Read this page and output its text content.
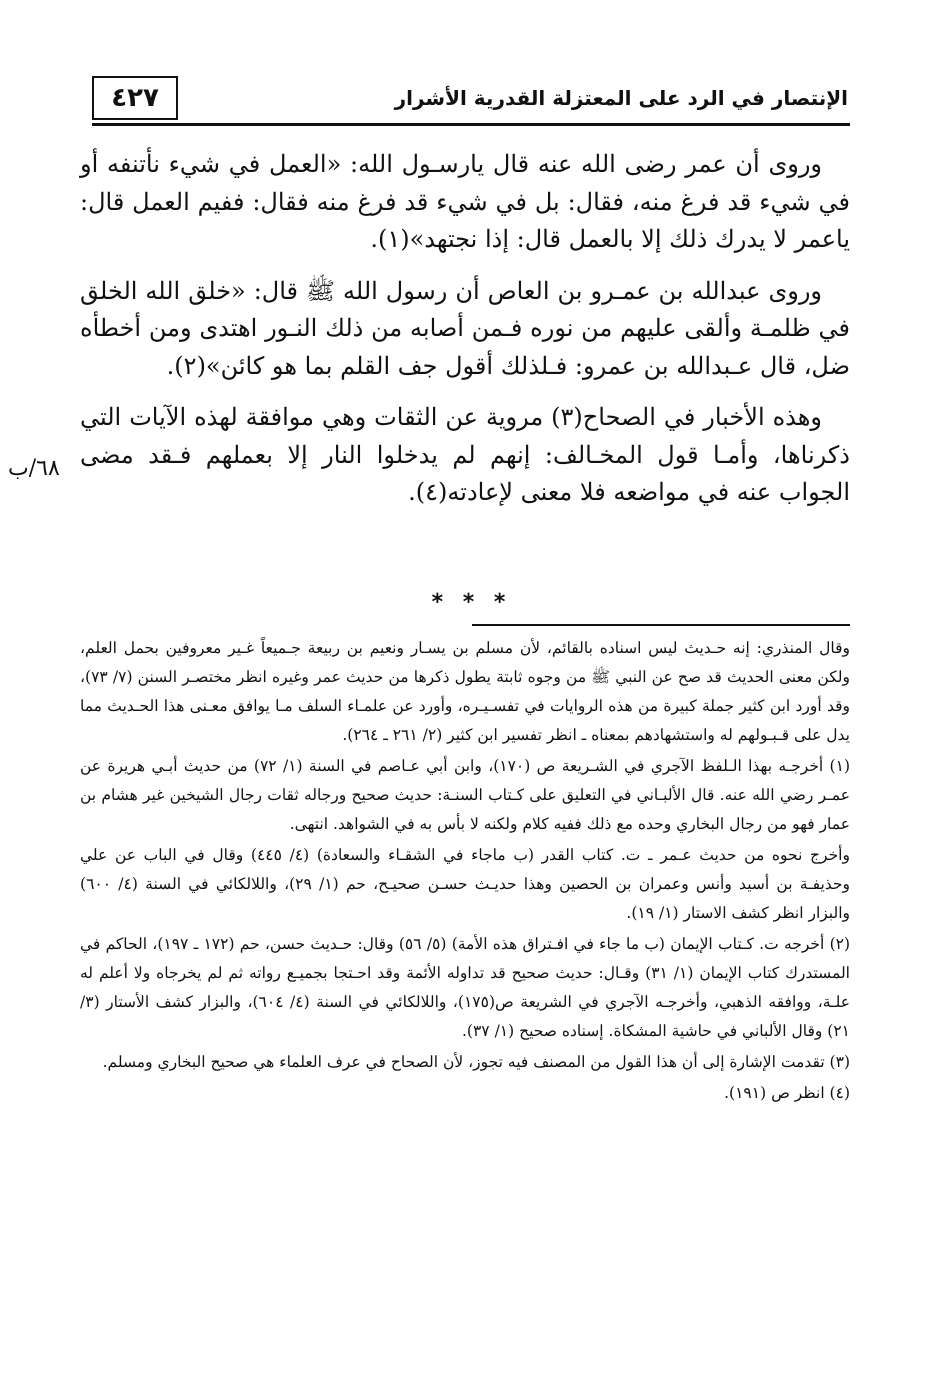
٤٢٧	الإنتصار في الرد على المعتزلة القدرية الأشرار
٦٨/ب

وروى أن عمر رضى الله عنه قال يارسـول الله: «العمل في شيء نأتنفه أو في شيء قد فرغ منه، فقال: بل في شيء قد فرغ منه فقال: ففيم العمل قال: ياعمر لا يدرك ذلك إلا بالعمل قال: إذا نجتهد»(١).

وروى عبدالله بن عمـرو بن العاص أن رسول الله ﷺ قال: «خلق الله الخلق في ظلمـة وألقى عليهم من نوره فـمن أصابه من ذلك النـور اهتدى ومن أخطأه ضل، قال عـبدالله بن عمرو: فـلذلك أقول جف القلم بما هو كائن»(٢).

وهذه الأخبار في الصحاح(٣) مروية عن الثقات وهي موافقة لهذه الآيات التي ذكرناها، وأمـا قول المخـالف: إنهم لم يدخلوا النار إلا بعملهم فـقد مضى الجواب عنه في مواضعه فلا معنى لإعادته(٤).

* * *

وقال المنذري: إنه حـديث ليس اسناده بالقائم، لأن مسلم بن يسـار ونعيم بن ربيعة جـميعاً غـير معروفين بحمل العلم، ولكن معنى الحديث قد صح عن النبي ﷺ من وجوه ثابتة يطول ذكرها من حديث عمر وغيره انظر مختصـر السنن (٧/ ٧٣)، وقد أورد ابن كثير جملة كبيرة من هذه الروايات في تفسـيـره، وأورد عن علمـاء السلف مـا يوافق معـنى هذا الحـديث مما يدل على قـبـولهم له واستشهادهم بمعناه ـ انظر تفسير ابن كثير (٢/ ٢٦١ ـ ٢٦٤).

(١) أخرجـه بهذا الـلفظ الآجري في الشـريعة ص (١٧٠)، وابن أبي عـاصم في السنة (١/ ٧٢) من حديث أبـي هريرة عن عمـر رضي الله عنه. قال الألبـاني في التعليق على كـتاب السنـة: حديث صحيح ورجاله ثقات رجال الشيخين غير هشام بن عمار فهو من رجال البخاري وحده مع ذلك ففيه كلام ولكنه لا بأس به في الشواهد. انتهى.

وأخرج نحوه من حديث عـمر ـ ت. كتاب القدر (ب ماجاء في الشقـاء والسعادة) (٤/ ٤٤٥) وقال في الباب عن علي وحذيفـة بن أسيد وأنس وعمران بن الحصين وهذا حديـث حسـن صحيـح، حم (١/ ٢٩)، واللالكائي في السنة (٤/ ٦٠٠) والبزار انظر كشف الاستار (١/ ١٩).

(٢) أخرجه ت. كـتاب الإيمان (ب ما جاء في افـتراق هذه الأمة) (٥/ ٥٦) وقال: حـديث حسن، حم (١٧٢ ـ ١٩٧)، الحاكم في المستدرك كتاب الإيمان (١/ ٣١) وقـال: حديث صحيح قد تداوله الأئمة وقد احـتجا بجميـع رواته ثم لم يخرجاه ولا أعلم له علـة، ووافقه الذهبي، وأخرجـه الآجري في الشريعة ص(١٧٥)، واللالكائي في السنة (٤/ ٦٠٤)، والبزار كشف الأستار (٣/ ٢١) وقال الألباني في حاشية المشكاة. إسناده صحيح (١/ ٣٧).

(٣) تقدمت الإشارة إلى أن هذا القول من المصنف فيه تجوز، لأن الصحاح في عرف العلماء هي صحيح البخاري ومسلم.

(٤) انظر ص (١٩١).
